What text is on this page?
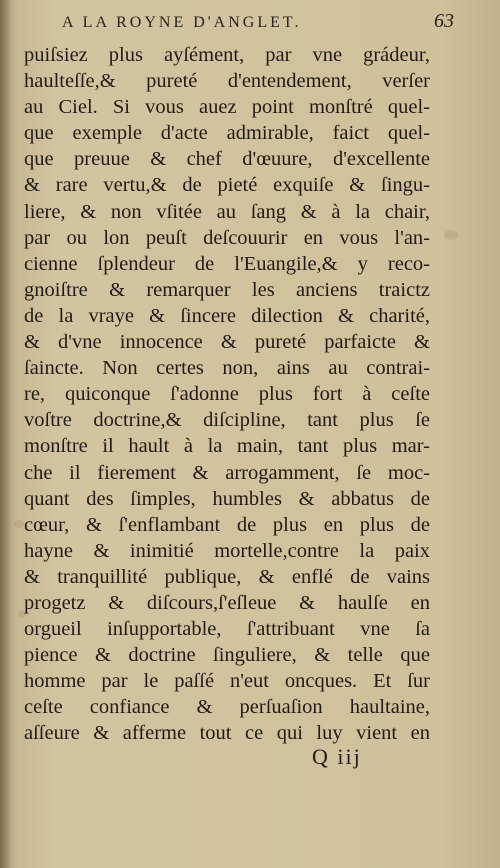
A LA ROYNE D'ANGLET.	63
puiſsiez plus ayſément, par vne grádeur,
haulteſſe,& pureté d'entendement, verſer
au Ciel. Si vous auez point monſtré quel-
que exemple d'acte admirable, faict quel-
que preuue & chef d'œuure, d'excellente
& rare vertu,& de pieté exquiſe & ſingu-
liere, & non vſitée au ſang & à la chair,
par ou lon peuſt deſcouurir en vous l'an-
cienne ſplendeur de l'Euangile,& y reco-
gnoiſtre & remarquer les anciens traictz
de la vraye & ſincere dilection & charité,
& d'vne innocence & pureté parfaicte &
ſaincte. Non certes non, ains au contrai-
re, quiconque ſ'adonne plus fort à ceſte
voſtre doctrine,& diſcipline, tant plus ſe
monſtre il hault à la main, tant plus mar-
che il fierement & arrogamment, ſe moc-
quant des ſimples, humbles & abbatus de
cœur, & ſ'enflambant de plus en plus de
hayne & inimitié mortelle,contre la paix
& tranquillité publique, & enflé de vains
progetz & diſcours,ſ'eſleue & haulſe en
orgueil inſupportable, ſ'attribuant vne ſa
pience & doctrine ſinguliere, & telle que
homme par le paſſé n'eut oncques. Et ſur
ceſte confiance & perſuaſion haultaine,
aſſeure & afferme tout ce qui luy vient en
Q iij
